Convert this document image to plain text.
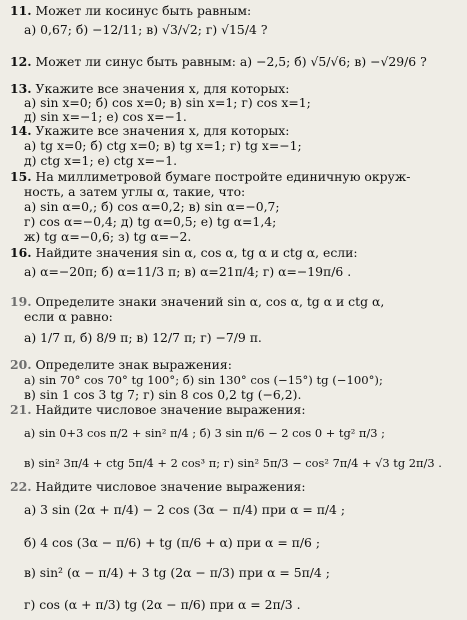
11. Может ли косинус быть равным:
а) 0,67; б) −12/11; в) √3/√2; г) √15/4 ?
12. Может ли синус быть равным: а) −2,5; б) √5/√6; в) −√29/6 ?
13. Укажите все значения x, для которых:
а) sin x=0; б) cos x=0; в) sin x=1; г) cos x=1;
д) sin x=−1; е) cos x=−1.
14. Укажите все значения x, для которых:
а) tg x=0; б) ctg x=0; в) tg x=1; г) tg x=−1;
д) ctg x=1; е) ctg x=−1.
15. На миллиметровой бумаге постройте единичную окруж-
ность, а затем углы α, такие, что:
а) sin α=0,; б) cos α=0,2; в) sin α=−0,7;
г) cos α=−0,4; д) tg α=0,5; е) tg α=1,4;
ж) tg α=−0,6; з) tg α=−2.
16. Найдите значения sin α, cos α, tg α и ctg α, если:
а) α=−20π; б) α=11/3 π; в) α=21π/4; г) α=−19π/6 .
19. Определите знаки значений sin α, cos α, tg α и ctg α,
если α равно:
а) 1/7 π, б) 8/9 π; в) 12/7 π; г) −7/9 π.
20. Определите знак выражения:
а) sin 70° cos 70° tg 100°; б) sin 130° cos (−15°) tg (−100°);
в) sin 1 cos 3 tg 7; г) sin 8 cos 0,2 tg (−6,2).
21. Найдите числовое значение выражения:
а) sin 0+3 cos π/2 + sin² π/4 ; б) 3 sin π/6 − 2 cos 0 + tg² π/3 ;
в) sin² 3π/4 + ctg 5π/4 + 2 cos³ π; г) sin² 5π/3 − cos² 7π/4 + √3 tg 2π/3 .
22. Найдите числовое значение выражения:
а) 3 sin (2α + π/4) − 2 cos (3α − π/4) при α = π/4 ;
б) 4 cos (3α − π/6) + tg (π/6 + α) при α = π/6 ;
в) sin² (α − π/4) + 3 tg (2α − π/3) при α = 5π/4 ;
г) cos (α + π/3) tg (2α − π/6) при α = 2π/3 .
